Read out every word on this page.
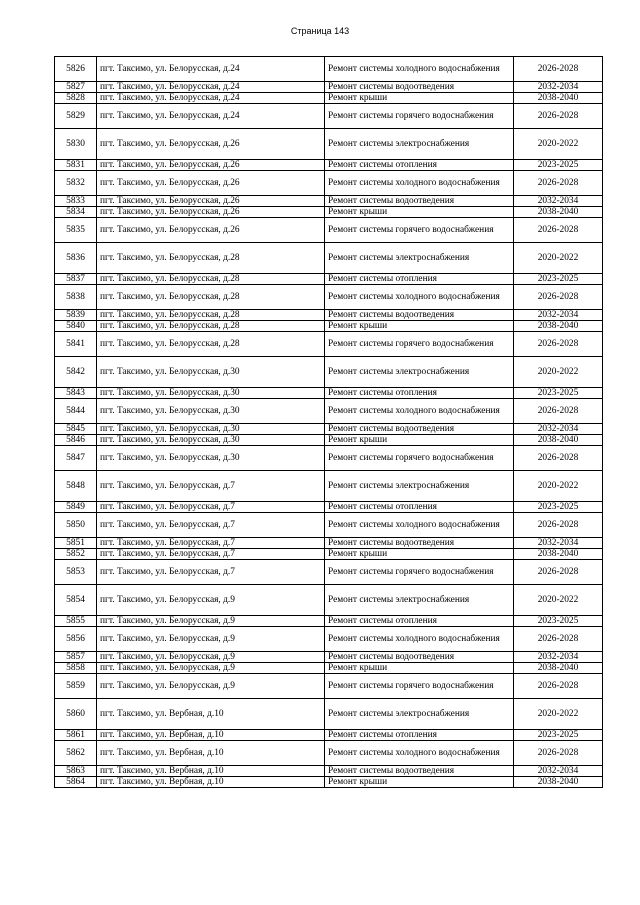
Страница 143
5826	пгт. Таксимо, ул. Белорусская, д.24	Ремонт системы холодного водоснабжения	2026-2028
5827	пгт. Таксимо, ул. Белорусская, д.24	Ремонт системы водоотведения	2032-2034
5828	пгт. Таксимо, ул. Белорусская, д.24	Ремонт крыши	2038-2040
5829	пгт. Таксимо, ул. Белорусская, д.24	Ремонт системы горячего водоснабжения	2026-2028
5830	пгт. Таксимо, ул. Белорусская, д.26	Ремонт системы электроснабжения	2020-2022
5831	пгт. Таксимо, ул. Белорусская, д.26	Ремонт системы отопления	2023-2025
5832	пгт. Таксимо, ул. Белорусская, д.26	Ремонт системы холодного водоснабжения	2026-2028
5833	пгт. Таксимо, ул. Белорусская, д.26	Ремонт системы водоотведения	2032-2034
5834	пгт. Таксимо, ул. Белорусская, д.26	Ремонт крыши	2038-2040
5835	пгт. Таксимо, ул. Белорусская, д.26	Ремонт системы горячего водоснабжения	2026-2028
5836	пгт. Таксимо, ул. Белорусская, д.28	Ремонт системы электроснабжения	2020-2022
5837	пгт. Таксимо, ул. Белорусская, д.28	Ремонт системы отопления	2023-2025
5838	пгт. Таксимо, ул. Белорусская, д.28	Ремонт системы холодного водоснабжения	2026-2028
5839	пгт. Таксимо, ул. Белорусская, д.28	Ремонт системы водоотведения	2032-2034
5840	пгт. Таксимо, ул. Белорусская, д.28	Ремонт крыши	2038-2040
5841	пгт. Таксимо, ул. Белорусская, д.28	Ремонт системы горячего водоснабжения	2026-2028
5842	пгт. Таксимо, ул. Белорусская, д.30	Ремонт системы электроснабжения	2020-2022
5843	пгт. Таксимо, ул. Белорусская, д.30	Ремонт системы отопления	2023-2025
5844	пгт. Таксимо, ул. Белорусская, д.30	Ремонт системы холодного водоснабжения	2026-2028
5845	пгт. Таксимо, ул. Белорусская, д.30	Ремонт системы водоотведения	2032-2034
5846	пгт. Таксимо, ул. Белорусская, д.30	Ремонт крыши	2038-2040
5847	пгт. Таксимо, ул. Белорусская, д.30	Ремонт системы горячего водоснабжения	2026-2028
5848	пгт. Таксимо, ул. Белорусская, д.7	Ремонт системы электроснабжения	2020-2022
5849	пгт. Таксимо, ул. Белорусская, д.7	Ремонт системы отопления	2023-2025
5850	пгт. Таксимо, ул. Белорусская, д.7	Ремонт системы холодного водоснабжения	2026-2028
5851	пгт. Таксимо, ул. Белорусская, д.7	Ремонт системы водоотведения	2032-2034
5852	пгт. Таксимо, ул. Белорусская, д.7	Ремонт крыши	2038-2040
5853	пгт. Таксимо, ул. Белорусская, д.7	Ремонт системы горячего водоснабжения	2026-2028
5854	пгт. Таксимо, ул. Белорусская, д.9	Ремонт системы электроснабжения	2020-2022
5855	пгт. Таксимо, ул. Белорусская, д.9	Ремонт системы отопления	2023-2025
5856	пгт. Таксимо, ул. Белорусская, д.9	Ремонт системы холодного водоснабжения	2026-2028
5857	пгт. Таксимо, ул. Белорусская, д.9	Ремонт системы водоотведения	2032-2034
5858	пгт. Таксимо, ул. Белорусская, д.9	Ремонт крыши	2038-2040
5859	пгт. Таксимо, ул. Белорусская, д.9	Ремонт системы горячего водоснабжения	2026-2028
5860	пгт. Таксимо, ул. Вербная, д.10	Ремонт системы электроснабжения	2020-2022
5861	пгт. Таксимо, ул. Вербная, д.10	Ремонт системы отопления	2023-2025
5862	пгт. Таксимо, ул. Вербная, д.10	Ремонт системы холодного водоснабжения	2026-2028
5863	пгт. Таксимо, ул. Вербная, д.10	Ремонт системы водоотведения	2032-2034
5864	пгт. Таксимо, ул. Вербная, д.10	Ремонт крыши	2038-2040
